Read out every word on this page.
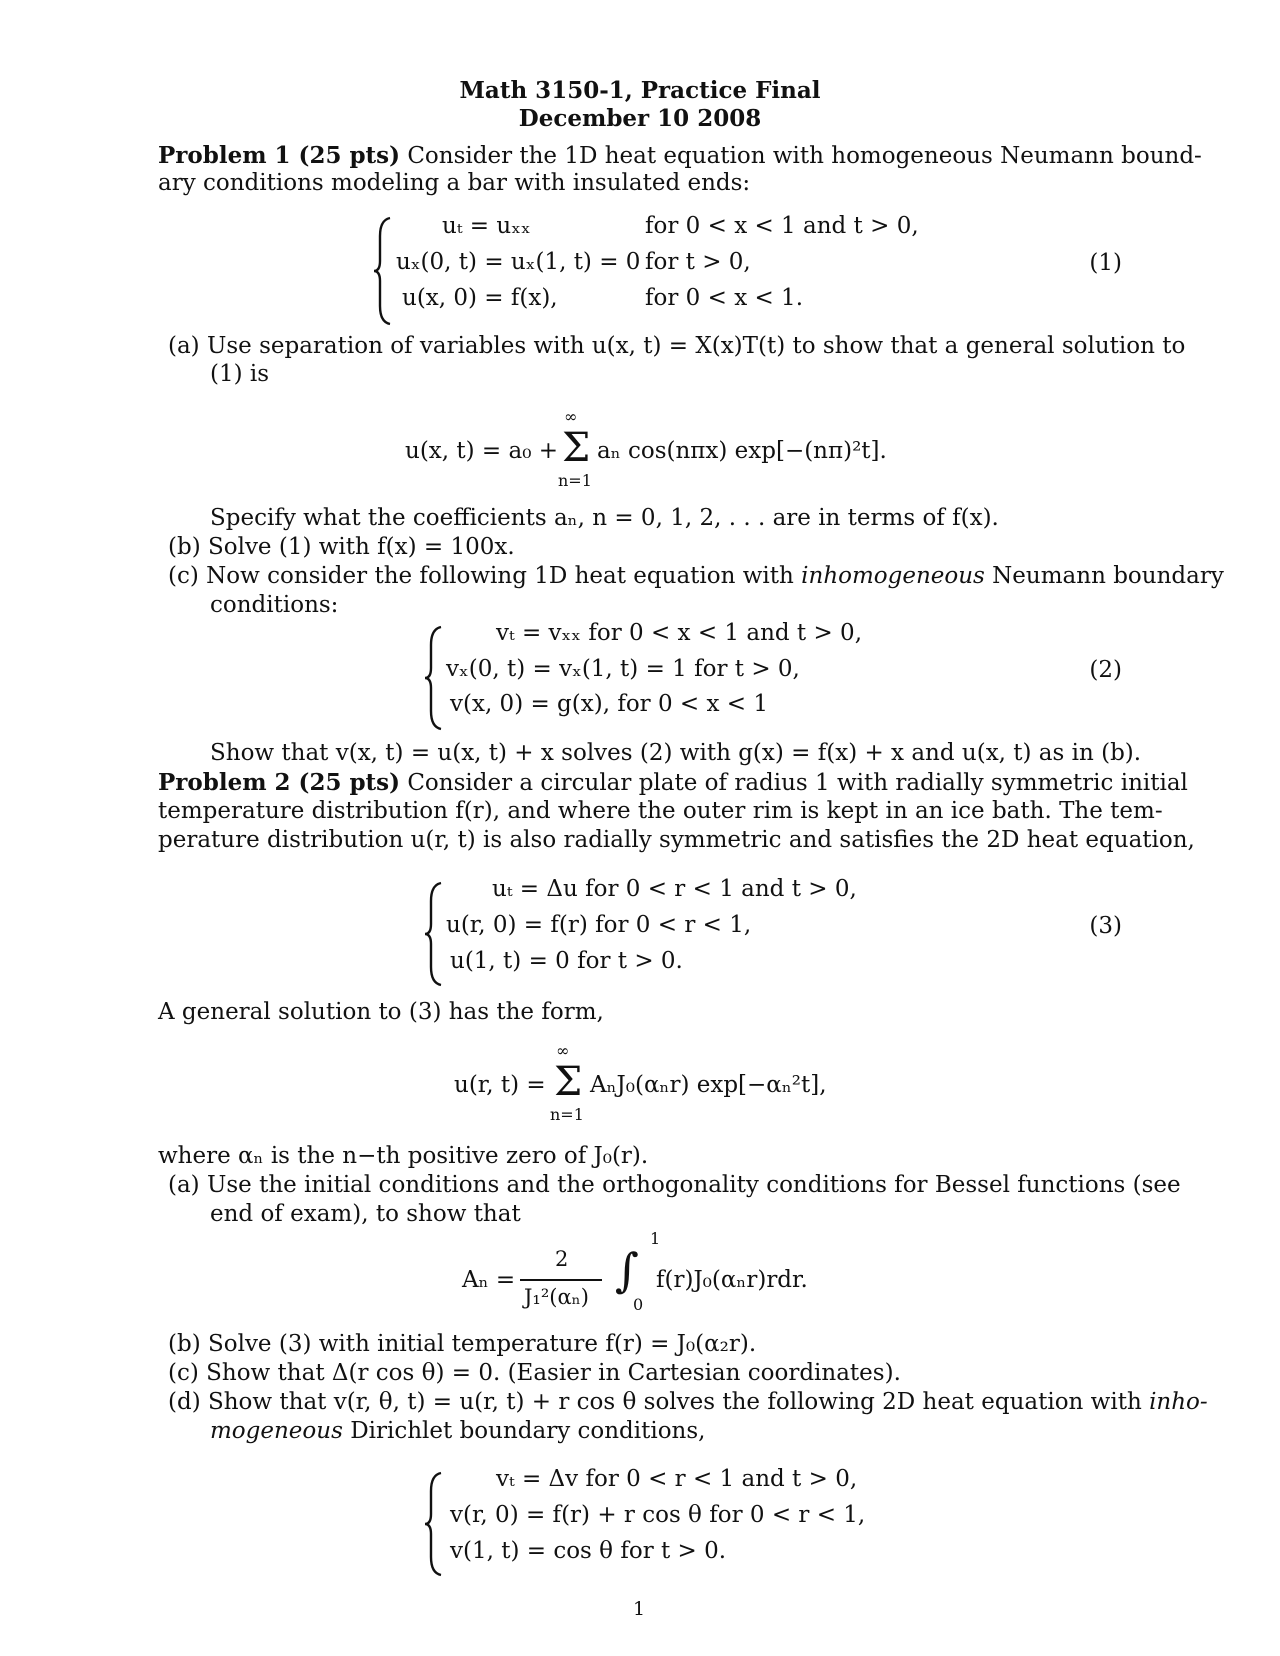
Math 3150-1, Practice Final
December 10 2008
Problem 1 (25 pts) Consider the 1D heat equation with homogeneous Neumann bound-
ary conditions modeling a bar with insulated ends:
uₜ = uₓₓ	for 0 < x < 1 and t > 0,
uₓ(0, t) = uₓ(1, t) = 0 for t > 0,
u(x, 0) = f(x),	for 0 < x < 1.
(1)
(a) Use separation of variables with u(x, t) = X(x)T(t) to show that a general solution to
(1) is
u(x, t) = a₀ +
∞
Σ
n=1
aₙ cos(nπx) exp[−(nπ)²t].
Specify what the coefficients aₙ, n = 0, 1, 2, . . . are in terms of f(x).
(b) Solve (1) with f(x) = 100x.
(c) Now consider the following 1D heat equation with inhomogeneous Neumann boundary
conditions:
vₜ = vₓₓ for 0 < x < 1 and t > 0,
vₓ(0, t) = vₓ(1, t) = 1 for t > 0,
v(x, 0) = g(x), for 0 < x < 1
(2)
Show that v(x, t) = u(x, t) + x solves (2) with g(x) = f(x) + x and u(x, t) as in (b).
Problem 2 (25 pts) Consider a circular plate of radius 1 with radially symmetric initial
temperature distribution f(r), and where the outer rim is kept in an ice bath. The tem-
perature distribution u(r, t) is also radially symmetric and satisfies the 2D heat equation,
uₜ = Δu for 0 < r < 1 and t > 0,
u(r, 0) = f(r) for 0 < r < 1,
u(1, t) = 0 for t > 0.
(3)
A general solution to (3) has the form,
u(r, t) =
∞
Σ
n=1
AₙJ₀(αₙr) exp[−αₙ²t],
where αₙ is the n−th positive zero of J₀(r).
(a) Use the initial conditions and the orthogonality conditions for Bessel functions (see
end of exam), to show that
Aₙ =
2
J₁²(αₙ) ∫
1
0
f(r)J₀(αₙr)rdr.
(b) Solve (3) with initial temperature f(r) = J₀(α₂r).
(c) Show that Δ(r cos θ) = 0. (Easier in Cartesian coordinates).
(d) Show that v(r, θ, t) = u(r, t) + r cos θ solves the following 2D heat equation with inho-
mogeneous Dirichlet boundary conditions,
vₜ = Δv for 0 < r < 1 and t > 0,
v(r, 0) = f(r) + r cos θ for 0 < r < 1,
v(1, t) = cos θ for t > 0.
1
